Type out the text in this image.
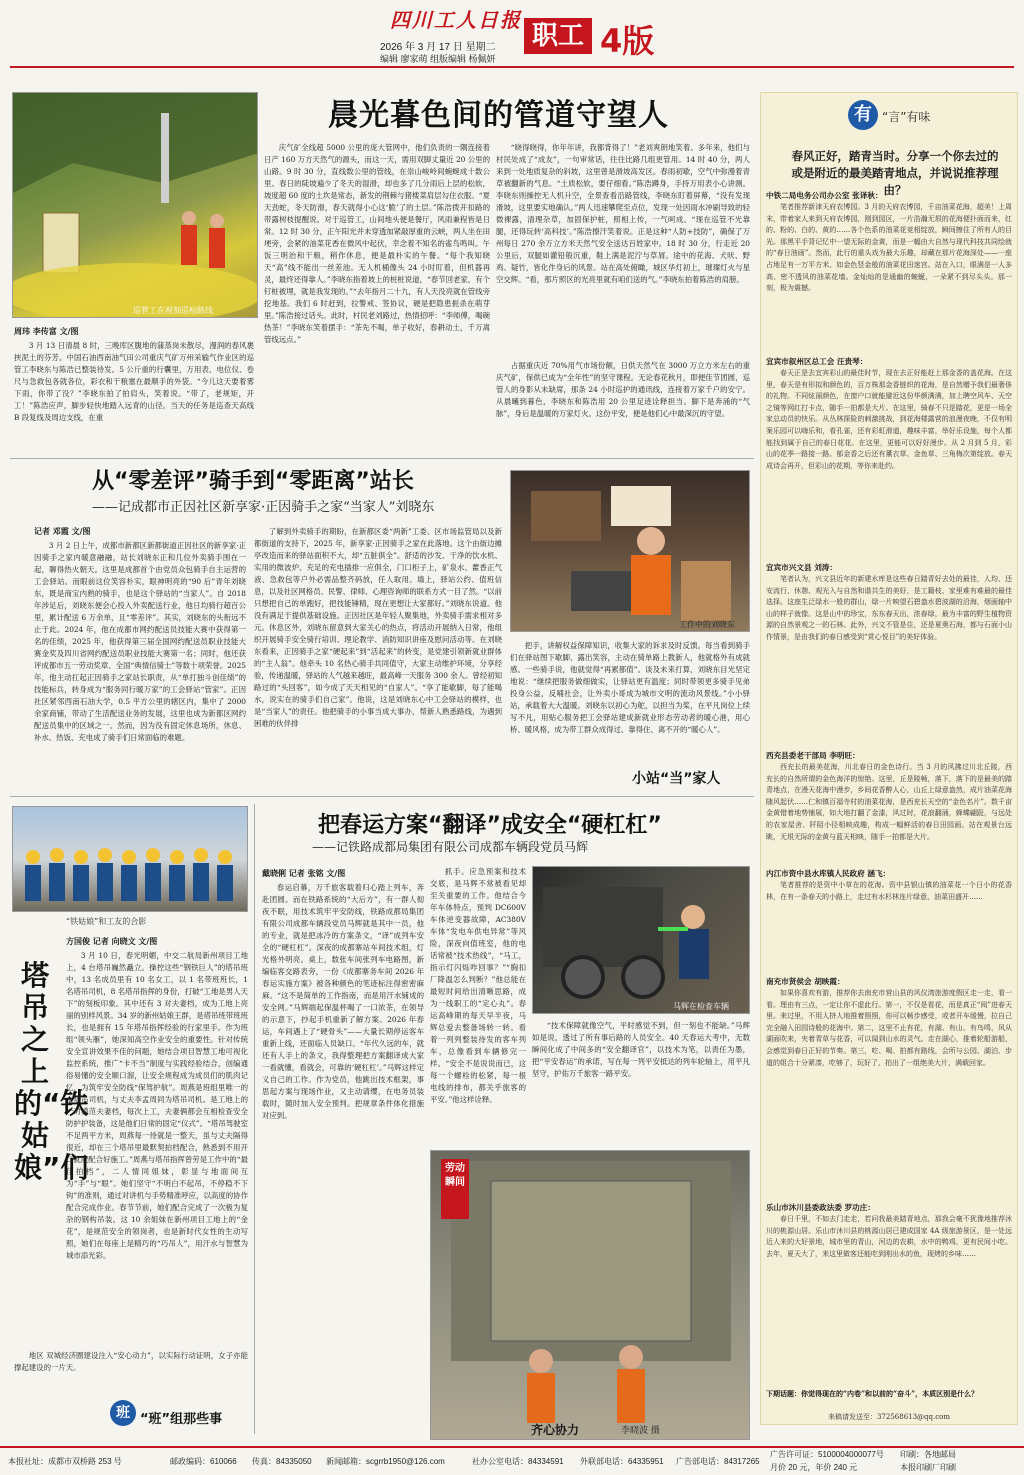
四川工人日报
2026 年 3 月 17 日 星期二
编辑 廖家萌 组版编辑 杨佩妍
职工 4版
巡管工在视刻巡检路线
晨光暮色间的管道守望人
周玮 李传富 文/图

3 月 13 日清晨 8 时，三晚库区腹地的蒲蒸岗未散尽，漫润的春风裹挟泥土的芬芳。中国石油西南油气田公司重庆气矿万州采输气作业区的巡管工李晓东与陈浩已整装待发。5 公斤重的行囊里，万用表、电位仪、卷尺与急救包各就各位，彩衣和干粮塞在最顺手的外袋。“今儿这天要着雾下雨，你带了没？”李晓东拍了拍肩头，笑着说。“带了，老规矩，开工！”陈浩应声，脚步轻快地踏入远青的山径。当天的任务是巡查天高线 B 段复线及周边支线，在重

庆气矿全线超 5000 公里的庞大管网中，他们负责的一隅连接着日产 160 万方天然气的源头，而这一天，需用双脚丈量近 20 公里的山路。9 时 30 分，直线数公里的管线，在崇山峻岭间蜿蜒成十数公里。春日的陡坡遍少了冬天的湿滑，却也多了几分雨后上层的松软，坡度超 60 度的土坎是常态，新发的荆棘与猪楼菜肩层勾住衣服。“夏天劲蛇，冬天防滑，春天就得小心这‘脆’了的土层。”陈浩拨开扣路的带露树枝提醒说。对于巡管工，山间地头便是餐厅，风雨兼程皆是日常。12 时 30 分，正午阳光并未穿透加紧敲厚重的云峡，两人坐在田埂旁，会紧的油菜花香在微风中起伏，幸念着不知名的雀鸟鸣叫。午饭三明治和干粮，稍作休息，便是最朴实的午餐。“每个我知晓天“高”线不能出一丝差池。无人机桶像头 24 小时盯着，但机器再灵，最终还得靠人。”李晓东指着坡上的桩桩说道，“春节回老家，有个钉桩被埋，就是我发现的。”“去年指月二十九，有人天没亮就在管线旁挖地基。我们 6 时赶到，拉警戒、签协议，硬是把隐患扼杀在萌芽里。”陈浩接过话头。此时，村民老刘路过，热情招呼：“李师傅，喝碗热茶！”李晓东笑着摆手：“茶先不喝，单子收好，春耕动土，千万离管线远点。”

“晓得晓得，你年年讲，我都背得了！”老刘爽朗地笑着。多年来，他们与村民处成了“成友”，一句审常话，往往比路几组更管用。14 时 40 分，两人来到一处地质复杂的斜坡，这里曾是滑坡高发区。春雨初歇，空气中弥漫着青草被翻新的气息。“土质松软，要仔细看。”陈浩蹲身，手持万用表小心讲测。李晓东则操控无人机升空，全景查看沿路管线，李晓东盯着屏幕，“没有发现滑坡，这里要实地确认。”两人迅速攀爬至点位，发现一处因雨水冲刷导致的轻微裸露，清理杂草，加固保护桩，照相上传，一气呵成。“现在巡管不光靠腿，还得玩转‘高科技’。”陈浩擦汗笑着说。正是这种“人防+技防”，确保了万州每日 270 余万立方米天然气安全送达百姓家中。18 时 30 分，行走近 20 公里后，双腿如灌铅般沉重，鞋上满是泥泞与草屑。途中的花海、犬吠、野鸡、疑竹，皆化作身后的风景。站在高处俯瞰，城区华灯初上，璀璨灯火与星空交辉。“看，那片照区的光亮里就有咱们送的气。”李晓东拍着陈浩的肩膀。

占据重庆近 70%用气市场份额，日供天然气在 3000 万立方米左右的重庆气矿，保供已成为“全年性”的坚守课程。无论春花秋月，即便佳节团圆，巡管人的身影从未缺席，那条 24 小时巡护的通讯线，连接着万家千户的安宁。从晨曦到暮色，李晓东和陈浩用 20 公里足迹诠释担当。脚下是奔涌的“气脉”，身后是温暖的万家灯火。这份平安，便是他们心中最深沉的守望。

从“零差评”骑手到“零距离”站长
——记成都市正因社区新享家·正因骑手之家“当家人”刘晓东
记者 邓霞 文/图

3 月 2 日上午，成都市新都区新都街道正因社区的新享家·正因骑手之家内暖意融融，站长刘晓东正和几位外卖骑手围在一起，聊得热火朝天。这里是成都首个由党员众包骑手自主运营的工会驿站。而眼前这位笑容朴实，眼神明亮的“90 后”青年刘晓东，既是商宝内熟的骑手，也是这个驿站的“当家人”。自 2018 年涉足后，刘晓东便会心投入外卖配送行业，他日均骑行超百公里，累计配送 6 万余单，且“零差评”。其实，刘晓东的头衔远不止于此。2024 年，他在成都市网约配送员技能大赛中获得第一名的佳绩，2025 年，他获得第三届全国网约配送员职业技能大赛金奖及四川省网约配送员职业技能大赛第一名；同时，他还获评成都市五一劳动奖章、全国“典情信骑士”等数十项荣誉。2025 年，他主动扛起正因骑手之家站长职责，从“单打独斗创佳绩”的技能标兵，转身成为“服务同行暖万家”的工会驿站“管家”。正因社区紧邻西南石油大学，0.5 平方公里的辖区内，集中了 2000 余家商铺，带动了生活配送业务的发展，这里也成为新都区网约配送员集中的区域之一。然而，因为没有固定休息场所，休息、补水、热饭、充电成了骑手们日常面临的难题。

了解到外卖骑手的期盼，在新都区委“两新”工委、区市场监管局以及新都街道的支持下，2025 年，新享家·正因骑手之家在此落地。这个由街边摊亭改造而来的驿站面积不大，却“五脏俱全”。舒适的沙发、干净的饮水机、实用的微波炉、充足的充电插排一应俱全，门口柜子上，矿泉水、藿香正气液、急救包等户外必需品整齐码放，任人取用。墙上，驿站公约、值班信息，以及社区网格员、民警、律师、心理咨询师的联系方式一目了然。“以前只想把自己的单跑好，把技能锤精，现在更想让大家都好。”刘晓东说道。他没有满足于提供基础设施。正因社区是年轻人聚集地，外卖骑手需求相对多元。休息区外，刘晓东留意到大家关心的热点，将活动开展纳入日常，他组织开展骑手安全骑行培训、理论教学、消防知识讲座及慰问活动等。在刘晓东看来，正因骑手之家“硬起来”到“活起来”的转变，是党建引领新就业群体的“主人翁”。他牵头 10 名热心骑手共同值守，大家主动维护环境，分享经验，传递温暖，驿站的人气越来越旺，最高峰一天服务 300 余人。曾经初知路过的“头回客”，如今成了天天相见的“自家人”。“享了能歇脚，每了能喝水，说实在的骑手们自己家”。他说，这是刘晓东心中工会驿站的模样，也是“当家人”的责任。他把骑手的小事当成大事办，帮新人熟悉路线，为遇到困难的伙伴排

工作中的刘晓东

把手，讲解权益保障知识，收集大家的诉求及时反馈。每当看到骑手们在驿站图下歇脚、露出笑容，主动在骑单路上教新人，他就格外有成就感。一些骑手说，他就觉得“再累都值”。谈及未来打算，刘晓东目光坚定地说：“继续把服务做细做实，让驿站更有温度；同时带领更多骑手见弟投身公益，反哺社会，让外卖小哥成为城市文明的流动风景线。”小小驿站，承载着大大温暖。刘晓东以初心为舵，以担当为桨，在平凡岗位上续写不凡，用贴心服务把工会驿站建成新就业形态劳动者的暖心港，用心桥、暖风格，成为带工群众成得过、靠得住、离不开的“暖心人”。

小站“当”家人
“铁姑娘”和工友的合影
塔吊之上的“铁姑娘”们
方国俊 记者 向晓文 文/图

3 月 10 日，春光明媚，中交二航局新州项目工地上，4 台塔吊巍然矗立。操控这些“钢铁巨人”的塔吊班中，13 名成员里有 10 名女工，以 1 名带班班长，1 名塔吊司机，8 名塔吊指挥的身份，打破“工地是男人天下”的刻板印象。其中还有 3 对夫妻档，成为工地上亮丽的别样风景。34 岁的新州姑娘王群，是塔吊班带班班长，也是拥有 15 年塔吊指挥经验的行家里手。作为班组“领头雁”，她深知高空作业安全的重要性。针对传统安全宣讲效果不佳的问题，她结合项目智慧工地可视化监控系统，推广“卡不当”制度与实践经验结合，创编通俗易懂的安全顺口溜，让安全规程成为成员们的肌肉记忆，为筑牢安全防线“保驾护航”。周燕是班组里唯一的女塔吊司机，与丈夫李孟周同为塔吊司机。是工地上的一对模范夫妻档，每次上工，夫妻俩都会互相检查安全防护护装备，这是他们日常的固定“仪式”。“塔吊驾驶室不足两平方米，周燕每一待就是一整天，虽与丈夫隔得很近，却在三个塔吊里最默契拍档配合，熟悉到不用开口就能配合好施工。”周燕与塔吊指挥曾劳是工作中的“最佳拍档”，二人情同姐妹，彰显与地面间互为“手”与“眼”。她们坚守“不明白不起吊，不停稳不下钩”的准则，通过对讲机与手势精准呼应，以高度的协作配合完成作业。春节节前，她们配合完成了一次极为复杂的钢构吊装。这 10 余姐妹在新州项目工地上的“金花”，是规范安全的领岗者，也是新时代女性的生动写照，她们在每座上是精巧的“巧吊人”，用汗水与智慧为城市添光彩。

地区 双城经济圈建设注入“安心动力”，以实际行动证明，女子亦能撑起建设的一片天。

班 “班”组那些事
把春运方案“翻译”成安全“硬杠杠”
——记铁路成都局集团有限公司成都车辆段党员马辉
戴晓俐 记者 张铭 文/图

春运启幕，万千旅客载着归心踏上列车，奔赴团圆。而在铁路系统的“大后方”，有一群人彻夜不眠，用技术筑牢平安防线，铁路成都局集团有限公司成都车辆段党员马辉就是其中一员，他的专业，就是把冰冷的方案条文，“译”成列车安全的“硬杠杠”。深夜的成都寨站车间技术组，灯光格外明亮。桌上，数张车间张列车电路图，新编临客交路表旁，一份《成都寨务车间 2026 年春运实施方案》被各种颜色的笔迹标注得密密麻麻。“这不是简单的工作指南，而是用汗水铺成的安全网。”马辉端起保温杯喝了一口浓茶，在领导的示意下，抄起手机重新了解方案。2026 年春运，车间遇上了“硬骨头”——大量长期停运客车重新上线，还面临人员缺口。“年代久远的车，就还有人手上的条文，我得整理把方案翻译成大家一看就懂，看就会，可靠的‘硬杠杠’。”马辉这样定义自己的工作。作为党员，他跳出技术框架，事思起方案与现场作业，又主动请缨，在电务员装载时，随时加入安全预判。把规章条件体化措施对应到。

抓手。应急预案和技术交底，是马辉不常被看见却至关重要的工作。他结合今年车体特点，预判 DC600V 车体逆变器故障，AC380V 车体“发电车供电异常”等风险，深夜向值班室，他的电话常被“技术热线”，“马工，指示灯闪烁咋回事？”“胸扣厂降温怎么判断？”他总能在最短时间给出清晰思路，成为一线职工的“定心丸”。春运高峰期的每天早半夜，马辉总爱去整备场转一转。看着一列列整装待发的客车列车，总像看到车辆修完一样。“安全不是说说而已，这每一个螺栓的松紧，每一根电线的排布，都关乎旅客的平安。”他这样诠释。

马辉在检查车辆

“技术保障就像空气，平时感觉不到，但一刻也不能缺。”马辉如是说，透过了所有事后路的人员安全。40 天春运大考中，无数瞬间化成了中间多的“安全翻译官”，以技术为笔，以责任为墨，把“平安春运”的承诺，写在每一列平安抵达的列车轮轴上，用平凡坚守，护佑万千旅客一路平安。

劳动瞬间
齐心协力	李晓波 摄
有 “言”有味
春风正好，踏青当时。分享一个你去过的或是附近的最美踏青地点，并说说推荐理由？
中铁二局电务公司办公室 张译秋：

笔者推荐新津天府农博园。3 月的天府农博园，千亩油菜花海，超美！上周末，带着家人来到天府农博园，刚到园区，一片浩瀚无垠的花海便扑面而来，红的、粉的、白的、黄的……各个色系的油菜花竞相绽放，瞬间擦住了所有人的目光。那黑平手背记忆中一望无际的金黄，而是一幅由大自然与现代科技共同绘就的“春日油画”。然而，此行的重头戏为最大乐趣，却藏在那片花海深处——一座占地足有一万平方米、如金色竖金般的油菜花田迷宫。站在入口，眼满是一人多高、密不透风的油菜花墙。金灿灿的是通幽的蜿蜒，一朵紧不到尽头头。那一刻，极为震撼。

宜宾市叙州区总工会 汪贵琴：

春天正是去宜宾彩山的最佳时节，现在去正好能赶上那金香的盖花海。在这里，春天是有形拟和颜色的，百万株那金香链织的花海，是自然赠予我们最奢侈的礼物。不同炫丽颜色，在窗户口就能避近这份华颜满满，加上聘空风车、天空之镜等网红打卡点，随手一拍都是大片。在这里，骑春不只是踏花，更是一场全家总动员的快乐。从丛林探险的刺激挑战，到花海楼露营的浪漫夜晚，不仅有明案乐园可以嗨乐和，看孔雀，还有彩虹滑道，趣味丰富，举好乐设施，每个人都能找到属于自己的春日花花。在这里，更能可以好好漫步。从 2 月到 5 月，彩山的花季一路接一路。郁金香之后还有薰衣草、金鱼草、三角梅次第绽放。春天成诗会再开，但彩山的花期，等你来赴约。

宜宾市兴文县 刘涛：

笔者认为，兴文县近年的新建水库是这些春日踏青好去处的最佳，人均、还安流行，休憩、观光入与自然和谐共生的美好，是工籍枝、家里难有难最的最佳选择。这座生泛绿水一般的群山，绿一片映望石碧盎水碧波湖的沿海，烟画轴中山的样子就像。这是山中的珍宝，东东春天出，浓春绿，最为丰富的野生植物资源的自然景观之一的石林。此外，兴文不管是住，还是夏奥石海，都与石面小山作情景，是由我们的春日感受到“赏心悦目”的美好体验。

西充县委老干部局 李明旺：

西充长的最美花海，川北春日的金色诗行。当 3 月的风拂过川北丘陵，西充长的自然所谓的金色海洋的惊艳。这里，丘是陵畅，落下，落下的是最美的踏青地点，在漫天花海中漫步，乡间花香醉人心，山丘上绿意盎然，成片油菜花海随风起伏……仁和镇百福寺村的油菜花海，是西充长天空的“金色名片”。数千亩金黄错着地势铺展，如大地打翻了金漆，风过时，花浪翻涌，蜂蝶翩跹，与远处的农家屋舍、阡陌小径相映成趣，构成一幅鲜活的春日田园画。站在观景台远眺，无垠无际的金黄与蓝天相映，随手一拍都是大片。

内江市资中县水库镇人民政府 涵飞：

笔者推荐的是资中小草在的花海。资中县银山镇的油菜花一个日小的花香林，在有一条春天的小路上，走过有水杉林连片绿意，油菜田盛开……

南充市贤侯会 胡映霞：

如果你喜欢有游，推荐你去南充市营山县的风仪湾旅游度假区走一走，看一看。理由有三点，一定让你不虚此行。第一，不仅是看花，而是真正“阅”进春天里。来过里，不用人挤人地推着照照，你可以畅步感受，或者开车缓慢，拉自己完全融入田园诗般的花海中。第二，这里不止有花，有湖、有山、有鸟鸣，风从湖面吹来，夹着青草与花香，可以闻到山水的灵气。走在湖心，推着轮船游船，会感觉到春日正好的节奏。第三，吃、喝、拍都有路线，会所与公园、湖泊、步道的组合十分紧凑，吃够了，玩好了，拍出了一组绝美大片，满载回家。

乐山市沐川县委政法委 罗功庄：

春日千里，不如去门走走，若问我最美踏青地点，那我会毫不犹豫地推荐沐川的桃源山居。乐山市沐川县的桃源山居已建成国家 4A 级旅游景区，是一处远近人来的大好景地，城市里的青山，河边的农耕，水中的鸭鸡，更有民间小吃。去年，夏天大了，来这里做客还能吃到刚出水的鱼，现烤的乡味……

下期话题：你觉得现在的“内卷”和以前的“奋斗”，本质区别是什么？
来稿请发送至：372568613@qq.com
本报社址：成都市双桥路 253 号	邮政编码：610066 传真：84335050 新闻邮箱：scgrrb1950@126.com	社办公室电话：84334591 外联部电话：64335951 广告部电话：84317265
广告许可证：5100004000077号
月价 20 元，年价 240 元
印刷：各地邮局
本报印刷厂印刷
